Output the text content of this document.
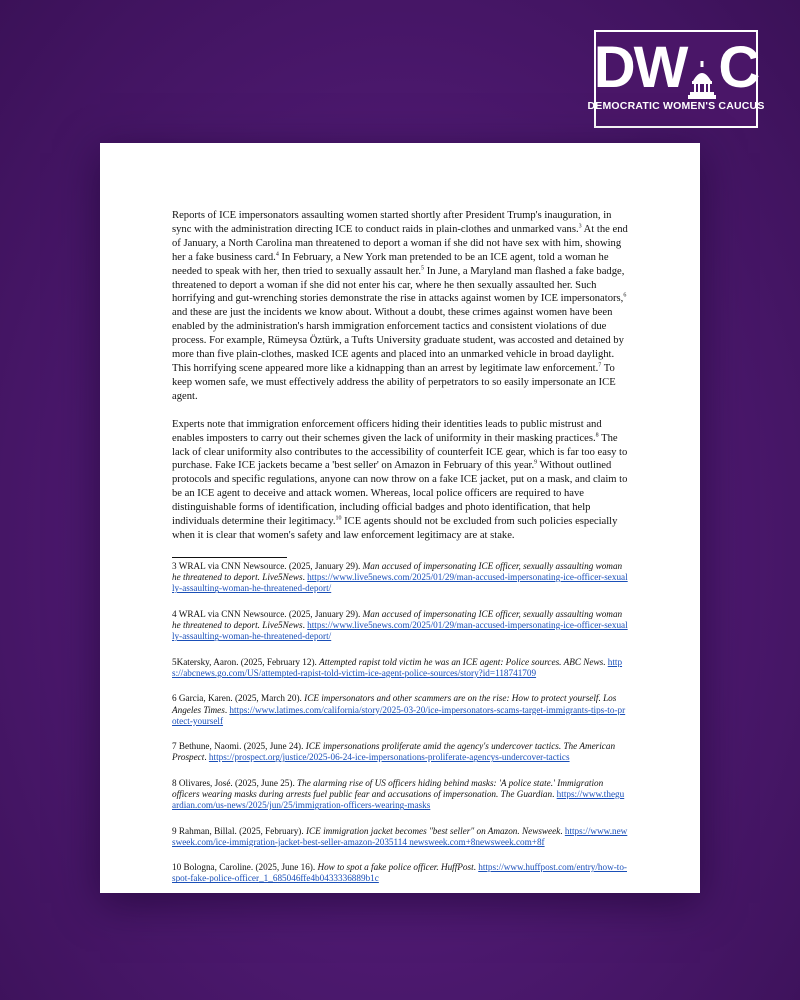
DW C
DEMOCRATIC WOMEN'S CAUCUS

Reports of ICE impersonators assaulting women started shortly after President Trump's inauguration, in sync with the administration directing ICE to conduct raids in plain-clothes and unmarked vans.$^3$ At the end of January, a North Carolina man threatened to deport a woman if she did not have sex with him, showing her a fake business card.$^4$ In February, a New York man pretended to be an ICE agent, told a woman he needed to speak with her, then tried to sexually assault her.$^5$ In June, a Maryland man flashed a fake badge, threatened to deport a woman if she did not enter his car, where he then sexually assaulted her. Such horrifying and gut-wrenching stories demonstrate the rise in attacks against women by ICE impersonators,$^6$ and these are just the incidents we know about. Without a doubt, these crimes against women have been enabled by the administration's harsh immigration enforcement tactics and consistent violations of due process. For example, Rümeysa Öztürk, a Tufts University graduate student, was accosted and detained by more than five plain-clothes, masked ICE agents and placed into an unmarked vehicle in broad daylight. This horrifying scene appeared more like a kidnapping than an arrest by legitimate law enforcement.$^7$ To keep women safe, we must effectively address the ability of perpetrators to so easily impersonate an ICE agent.

Experts note that immigration enforcement officers hiding their identities leads to public mistrust and enables imposters to carry out their schemes given the lack of uniformity in their masking practices.$^8$ The lack of clear uniformity also contributes to the accessibility of counterfeit ICE gear, which is far too easy to purchase. Fake ICE jackets became a 'best seller' on Amazon in February of this year.$^9$ Without outlined protocols and specific regulations, anyone can now throw on a fake ICE jacket, put on a mask, and claim to be an ICE agent to deceive and attack women. Whereas, local police officers are required to have distinguishable forms of identification, including official badges and photo identification, that help individuals determine their legitimacy.$^{10}$ ICE agents should not be excluded from such policies especially when it is clear that women's safety and law enforcement legitimacy are at stake.

3 WRAL via CNN Newsource. (2025, January 29). Man accused of impersonating ICE officer, sexually assaulting woman he threatened to deport. Live5News. https://www.live5news.com/2025/01/29/man-accused-impersonating-ice-officer-sexually-assaulting-woman-he-threatened-deport/

4 WRAL via CNN Newsource. (2025, January 29). Man accused of impersonating ICE officer, sexually assaulting woman he threatened to deport. Live5News. https://www.live5news.com/2025/01/29/man-accused-impersonating-ice-officer-sexually-assaulting-woman-he-threatened-deport/

5Katersky, Aaron. (2025, February 12). Attempted rapist told victim he was an ICE agent: Police sources. ABC News. https://abcnews.go.com/US/attempted-rapist-told-victim-ice-agent-police-sources/story?id=118741709

6 Garcia, Karen. (2025, March 20). ICE impersonators and other scammers are on the rise: How to protect yourself. Los Angeles Times. https://www.latimes.com/california/story/2025-03-20/ice-impersonators-scams-target-immigrants-tips-to-protect-yourself

7 Bethune, Naomi. (2025, June 24). ICE impersonations proliferate amid the agency's undercover tactics. The American Prospect. https://prospect.org/justice/2025-06-24-ice-impersonations-proliferate-agencys-undercover-tactics

8 Olivares, José. (2025, June 25). The alarming rise of US officers hiding behind masks: 'A police state.' Immigration officers wearing masks during arrests fuel public fear and accusations of impersonation. The Guardian. https://www.theguardian.com/us-news/2025/jun/25/immigration-officers-wearing-masks

9 Rahman, Billal. (2025, February). ICE immigration jacket becomes "best seller" on Amazon. Newsweek. https://www.newsweek.com/ice-immigration-jacket-best-seller-amazon-2035114 newsweek.com+8newsweek.com+8f

10 Bologna, Caroline. (2025, June 16). How to spot a fake police officer. HuffPost. https://www.huffpost.com/entry/how-to-spot-fake-police-officer_1_685046ffe4b0433336889b1c
